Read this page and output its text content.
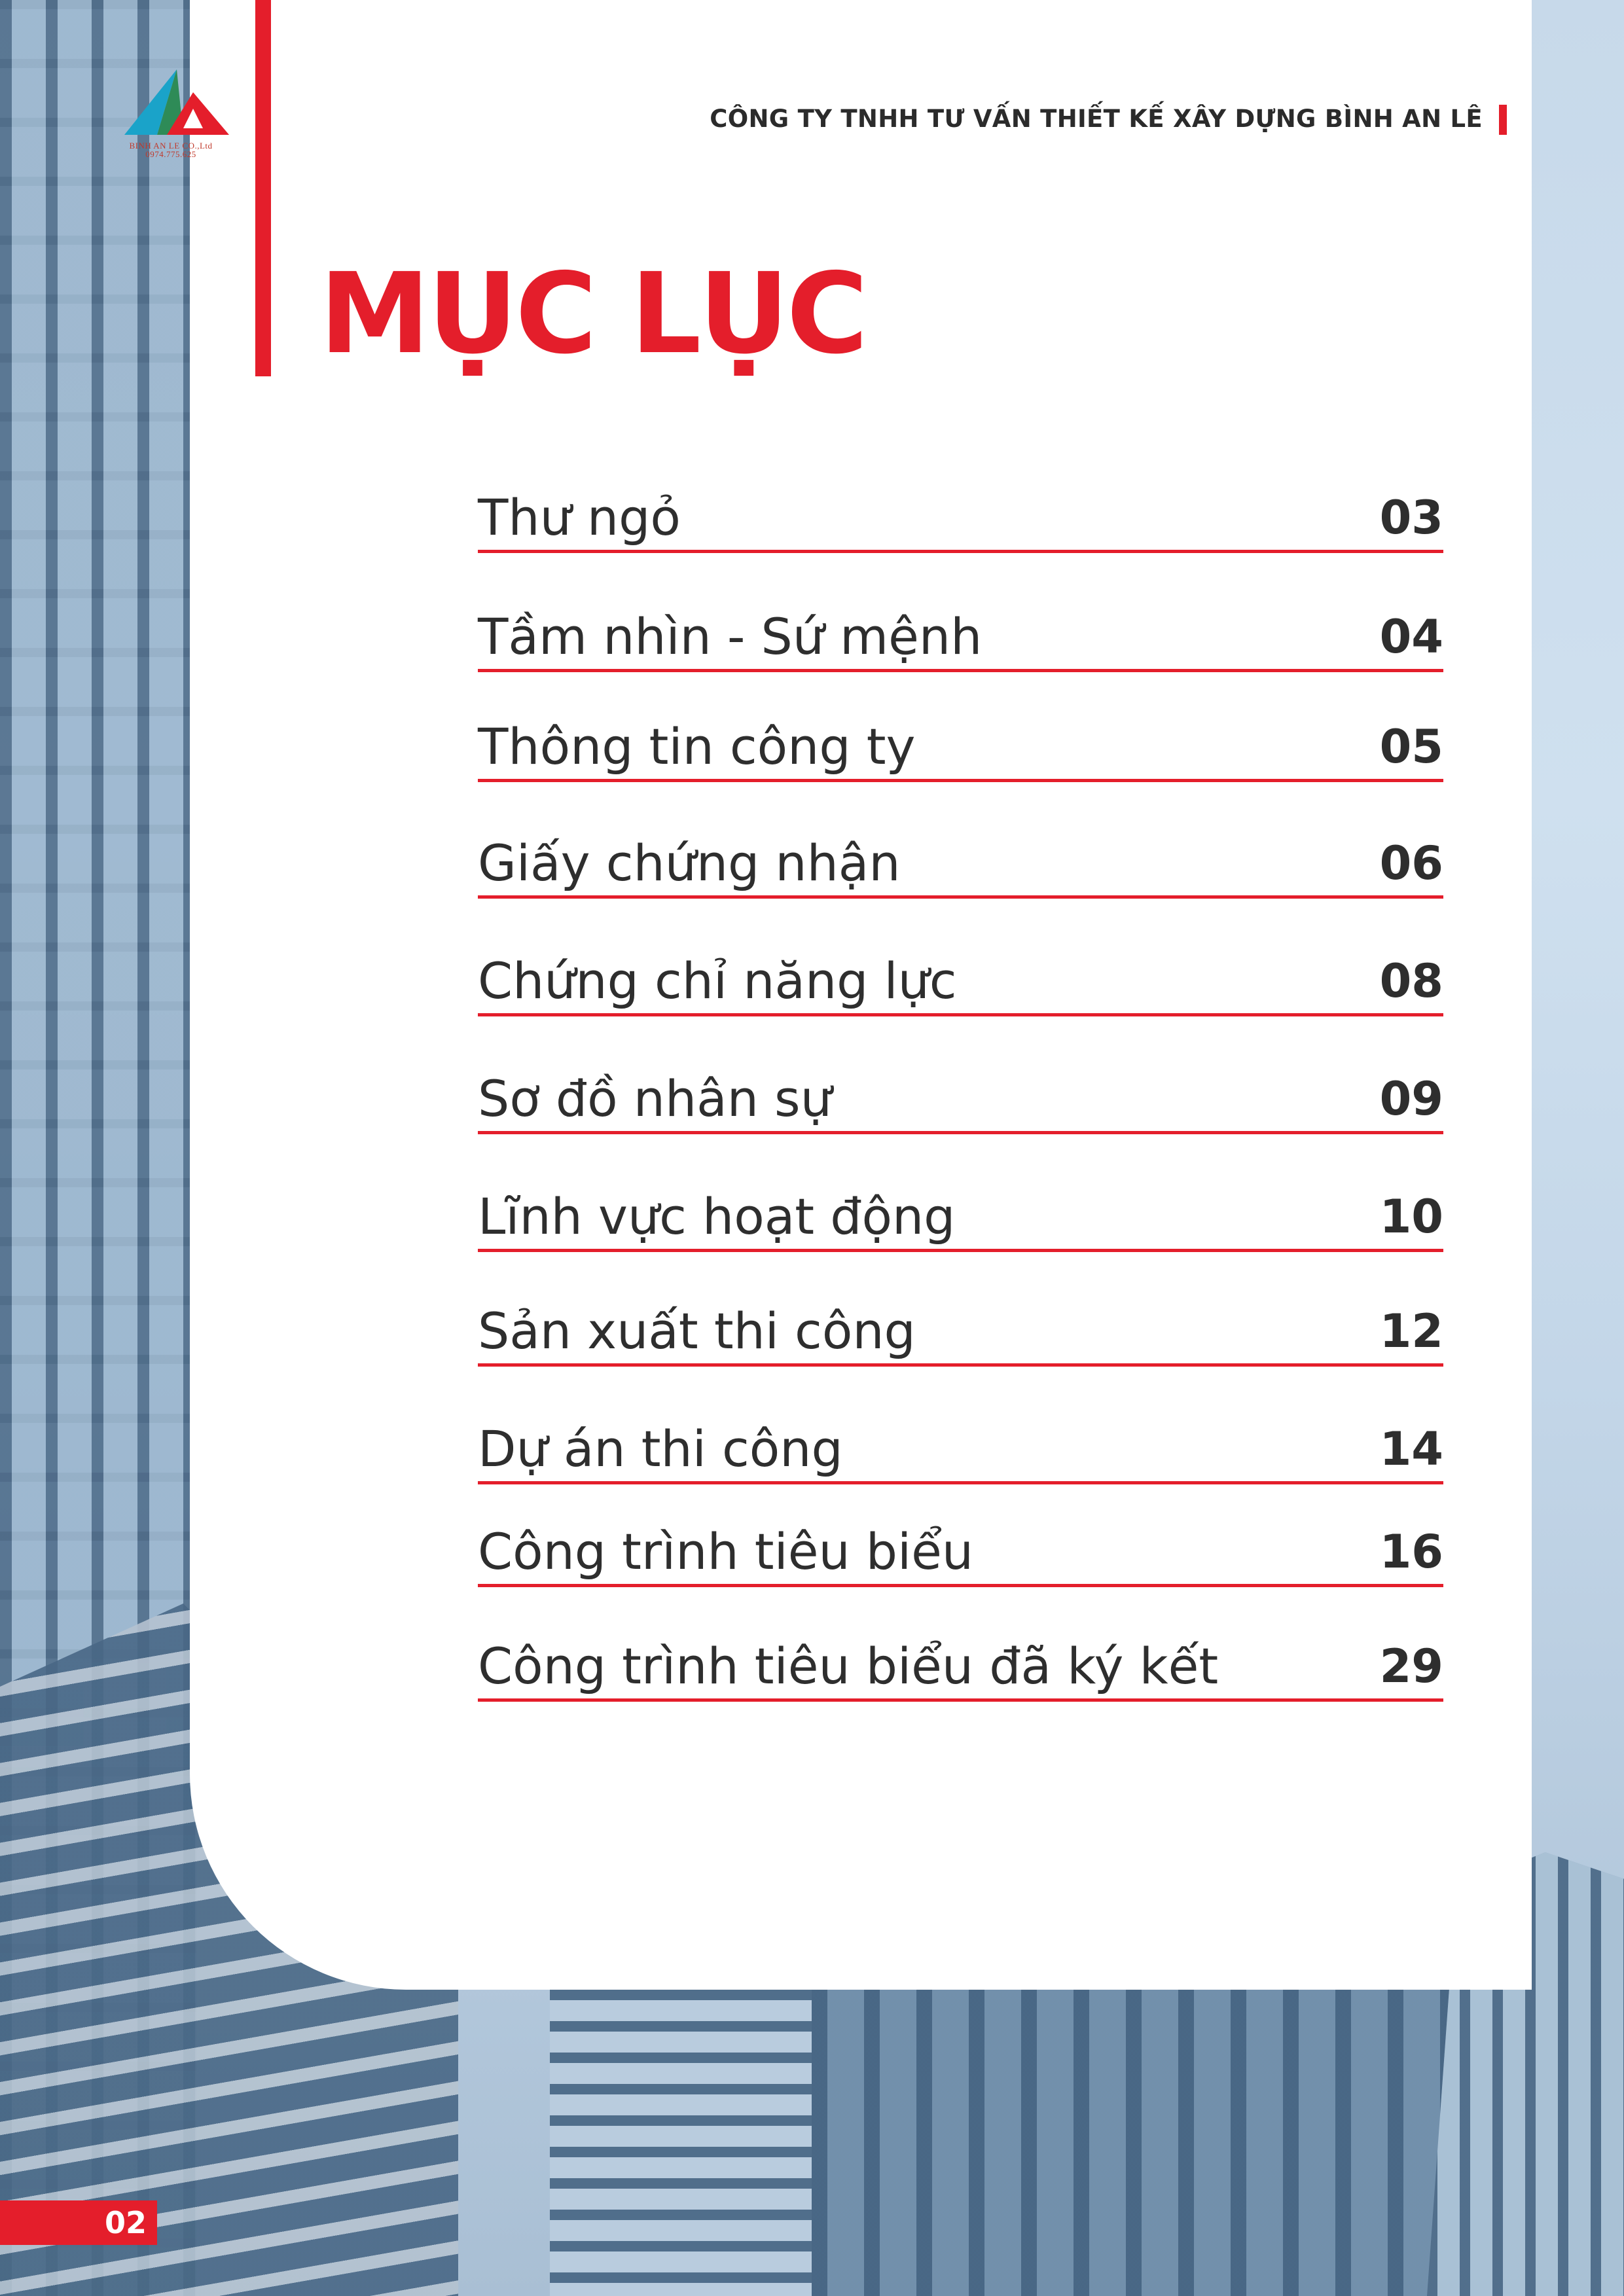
BINH AN LE CO.,Ltd
0974.775.625
CÔNG TY TNHH TƯ VẤN THIẾT KẾ XÂY DỰNG BÌNH AN LÊ
MỤC LỤC
Thư ngỏ	03
Tầm nhìn - Sứ mệnh	04
Thông tin công ty	05
Giấy chứng nhận	06
Chứng chỉ năng lực	08
Sơ đồ nhân sự	09
Lĩnh vực hoạt động	10
Sản xuất thi công	12
Dự án thi công	14
Công trình tiêu biểu	16
Công trình tiêu biểu đã ký kết	29
02
